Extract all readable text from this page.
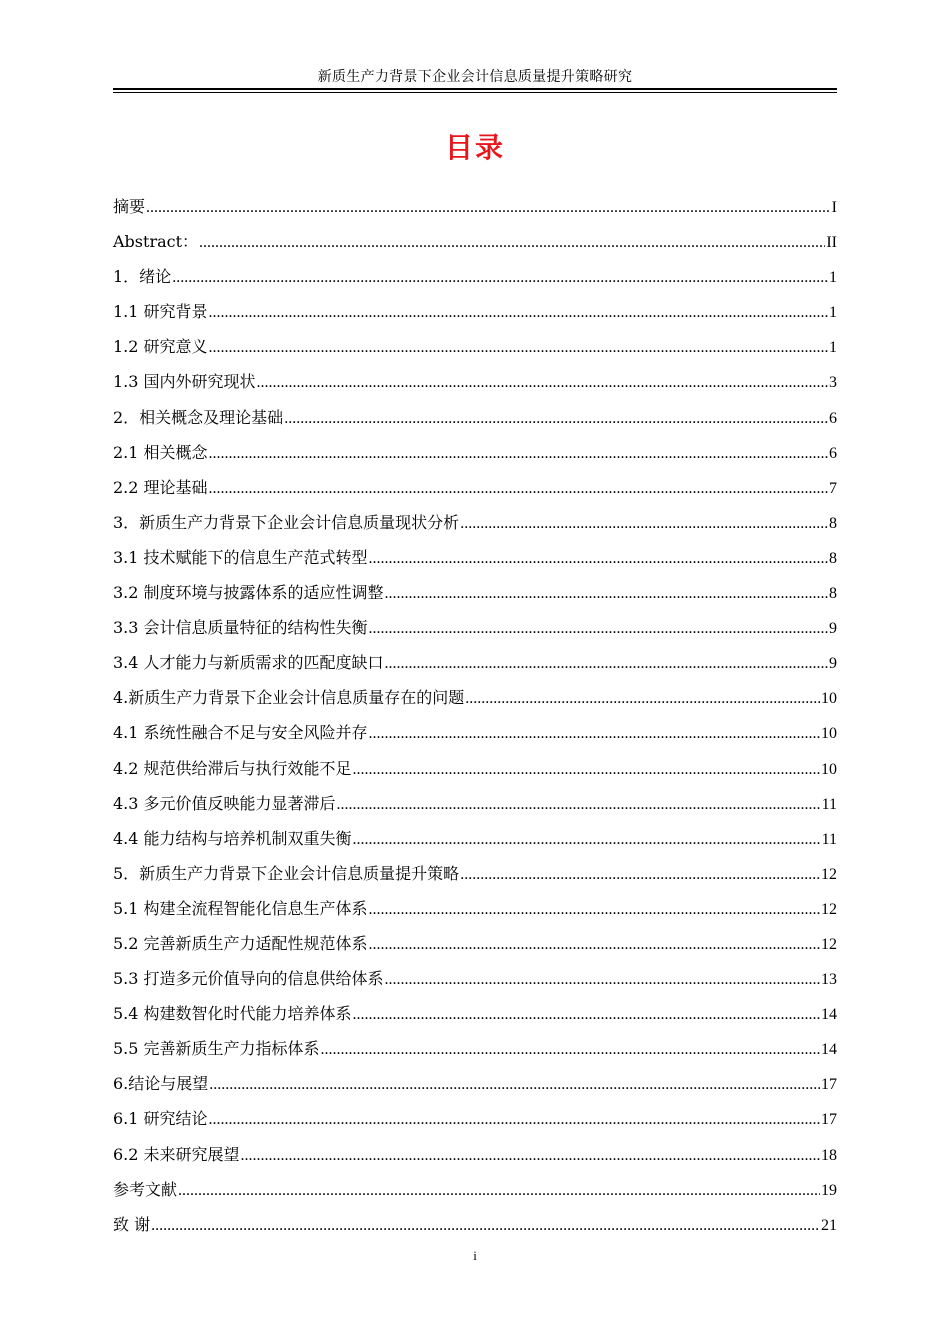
新质生产力背景下企业会计信息质量提升策略研究
目录
摘要 .....	I
Abstract： .....	II
1．绪论 .....	1
1.1 研究背景 .....	1
1.2 研究意义 .....	1
1.3 国内外研究现状 .....	3
2．相关概念及理论基础 .....	6
2.1 相关概念 .....	6
2.2 理论基础 .....	7
3．新质生产力背景下企业会计信息质量现状分析 .....	8
3.1 技术赋能下的信息生产范式转型 .....	8
3.2 制度环境与披露体系的适应性调整 .....	8
3.3 会计信息质量特征的结构性失衡 .....	9
3.4 人才能力与新质需求的匹配度缺口 .....	9
4.新质生产力背景下企业会计信息质量存在的问题 .....	10
4.1 系统性融合不足与安全风险并存 .....	10
4.2 规范供给滞后与执行效能不足 .....	10
4.3 多元价值反映能力显著滞后 .....	11
4.4 能力结构与培养机制双重失衡 .....	11
5．新质生产力背景下企业会计信息质量提升策略 .....	12
5.1 构建全流程智能化信息生产体系 .....	12
5.2 完善新质生产力适配性规范体系 .....	12
5.3 打造多元价值导向的信息供给体系 .....	13
5.4 构建数智化时代能力培养体系 .....	14
5.5 完善新质生产力指标体系 .....	14
6.结论与展望 .....	17
6.1 研究结论 .....	17
6.2 未来研究展望 .....	18
参考文献 .....	19
致 谢 .....	21
i
